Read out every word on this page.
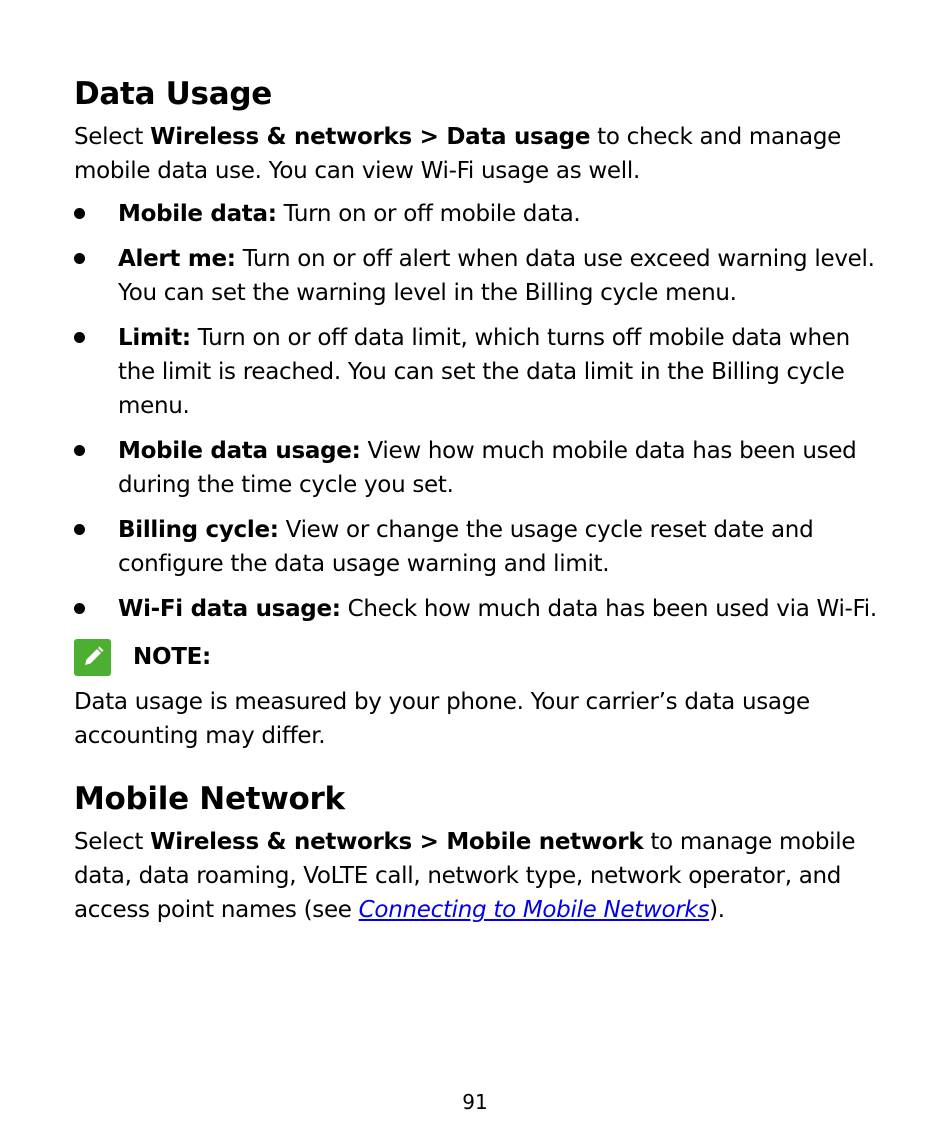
Data Usage

Select Wireless & networks > Data usage to check and manage mobile data use. You can view Wi-Fi usage as well.

Mobile data: Turn on or off mobile data.
Alert me: Turn on or off alert when data use exceed warning level. You can set the warning level in the Billing cycle menu.
Limit: Turn on or off data limit, which turns off mobile data when the limit is reached. You can set the data limit in the Billing cycle menu.
Mobile data usage: View how much mobile data has been used during the time cycle you set.
Billing cycle: View or change the usage cycle reset date and configure the data usage warning and limit.
Wi-Fi data usage: Check how much data has been used via Wi-Fi.
NOTE:

Data usage is measured by your phone. Your carrier’s data usage accounting may differ.

Mobile Network

Select Wireless & networks > Mobile network to manage mobile data, data roaming, VoLTE call, network type, network operator, and access point names (see Connecting to Mobile Networks).

91
